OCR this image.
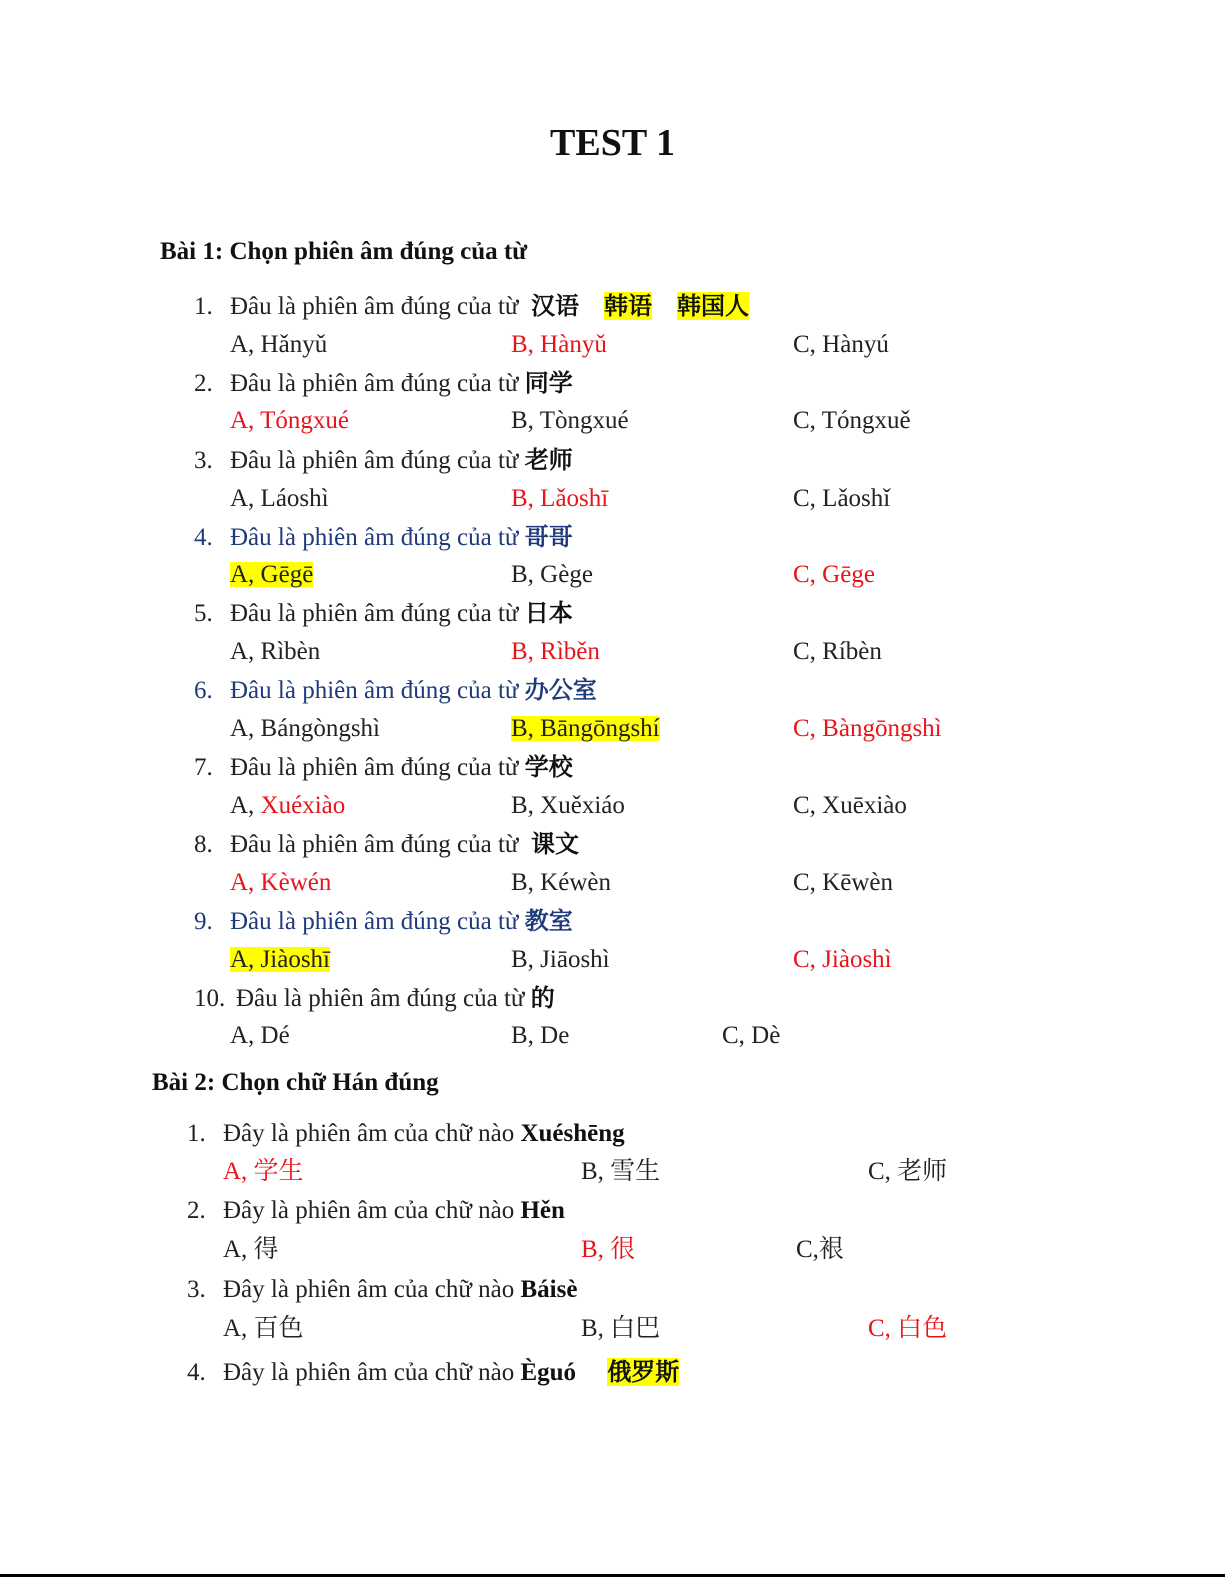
TEST 1
Bài 1: Chọn phiên âm đúng của từ
1. Đâu là phiên âm đúng của từ 汉语 韩语 韩国人
A, Hǎnyǔ	B, Hànyǔ	C, Hànyú
2. Đâu là phiên âm đúng của từ 同学
A, Tóngxué	B, Tòngxué	C, Tóngxuě
3. Đâu là phiên âm đúng của từ 老师
A, Láoshì	B, Lǎoshī	C, Lǎoshǐ
4. Đâu là phiên âm đúng của từ 哥哥
A, Gēgē	B, Gège	C, Gēge
5. Đâu là phiên âm đúng của từ 日本
A, Rìbèn	B, Rìběn	C, Ríbèn
6. Đâu là phiên âm đúng của từ 办公室
A, Bángòngshì	B, Bāngōngshí	C, Bàngōngshì
7. Đâu là phiên âm đúng của từ 学校
A, Xuéxiào	B, Xuěxiáo	C, Xuēxiào
8. Đâu là phiên âm đúng của từ 课文
A, Kèwén	B, Kéwèn	C, Kēwèn
9. Đâu là phiên âm đúng của từ 教室
A, Jiàoshī	B, Jiāoshì	C, Jiàoshì
10. Đâu là phiên âm đúng của từ 的
A, Dé	B, De	C, Dè
Bài 2: Chọn chữ Hán đúng
1. Đây là phiên âm của chữ nào Xuéshēng
A, 学生	B, 雪生	C, 老师
2. Đây là phiên âm của chữ nào Hěn
A, 得	B, 很	C,裉
3. Đây là phiên âm của chữ nào Báisè
A, 百色	B, 白巴	C, 白色
4. Đây là phiên âm của chữ nào Èguó 俄罗斯
